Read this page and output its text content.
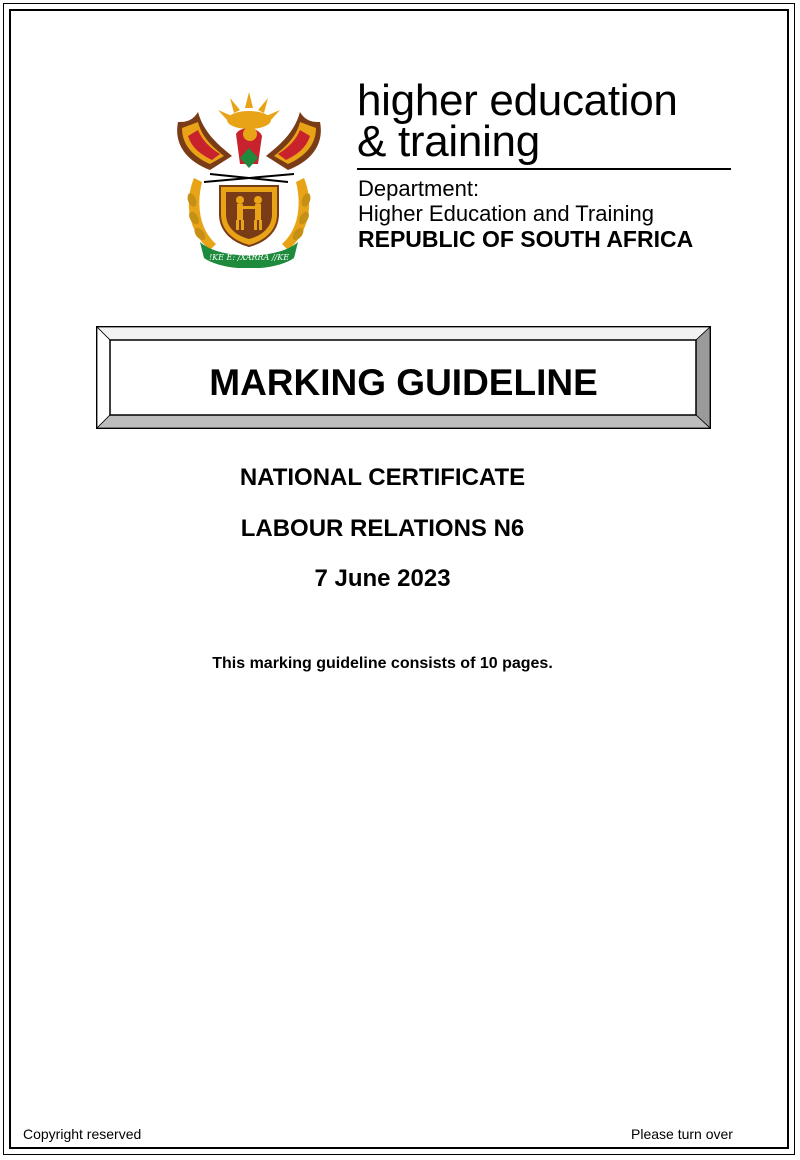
!KE E: /XARRA //KE
higher education
& training
Department:
Higher Education and Training
REPUBLIC OF SOUTH AFRICA
MARKING GUIDELINE
NATIONAL CERTIFICATE
LABOUR RELATIONS N6
7 June 2023
This marking guideline consists of 10 pages.
Copyright reserved	Please turn over
